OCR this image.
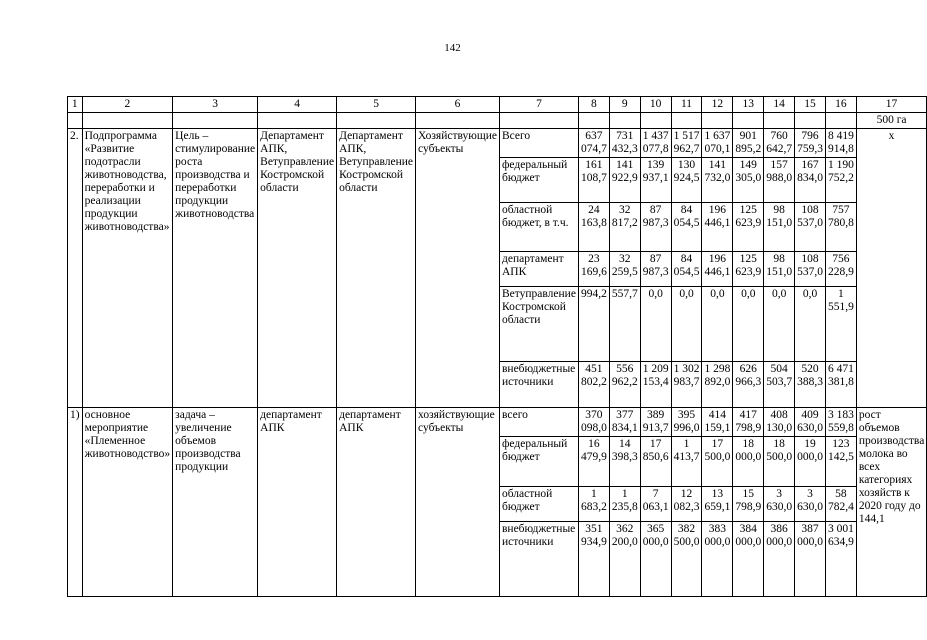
142
1	2	3	4	5	6	7	8	9	10	11	12	13	14	15	16	17
																500 га
2.	Подпрограмма «Развитие подотрасли животноводства, переработки и реализации продукции животноводства»	Цель – стимулирование роста производства и переработки продукции животноводства	Департамент АПК, Ветуправление Костромской области	Департамент АПК, Ветуправление Костромской области	Хозяйствующие субъекты	Всего	637 074,7	731 432,3	1 437 077,8	1 517 962,7	1 637 070,1	901 895,2	760 642,7	796 759,3	8 419 914,8	х
						федеральный бюджет	161 108,7	141 922,9	139 937,1	130 924,5	141 732,0	149 305,0	157 988,0	167 834,0	1 190 752,2	
						областной бюджет, в т.ч.	24 163,8	32 817,2	87 987,3	84 054,5	196 446,1	125 623,9	98 151,0	108 537,0	757 780,8	
						департамент АПК	23 169,6	32 259,5	87 987,3	84 054,5	196 446,1	125 623,9	98 151,0	108 537,0	756 228,9	
						Ветуправление Костромской области	994,2	557,7	0,0	0,0	0,0	0,0	0,0	0,0	1 551,9	
						внебюджетные источники	451 802,2	556 962,2	1 209 153,4	1 302 983,7	1 298 892,0	626 966,3	504 503,7	520 388,3	6 471 381,8	
1)	основное мероприятие «Племенное животноводство»	задача – увеличение объемов производства продукции	департамент АПК	департамент АПК	хозяйствующие субъекты	всего	370 098,0	377 834,1	389 913,7	395 996,0	414 159,1	417 798,9	408 130,0	409 630,0	3 183 559,8	рост объемов производства молока во всех категориях хозяйств к 2020 году до 144,1
						федеральный бюджет	16 479,9	14 398,3	17 850,6	1 413,7	17 500,0	18 000,0	18 500,0	19 000,0	123 142,5	
						областной бюджет	1 683,2	1 235,8	7 063,1	12 082,3	13 659,1	15 798,9	3 630,0	3 630,0	58 782,4	
						внебюджетные источники	351 934,9	362 200,0	365 000,0	382 500,0	383 000,0	384 000,0	386 000,0	387 000,0	3 001 634,9	
